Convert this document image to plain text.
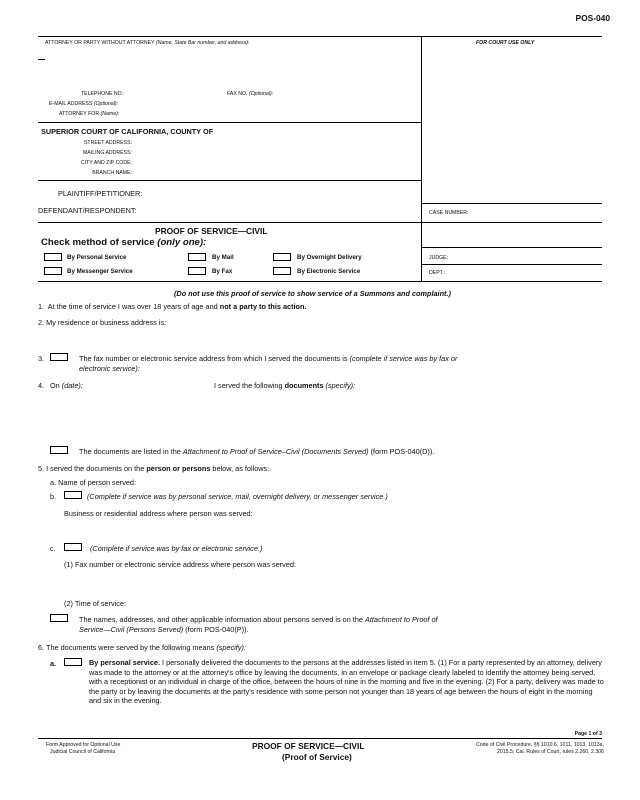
POS-040
ATTORNEY OR PARTY WITHOUT ATTORNEY (Name, State Bar number, and address):	FOR COURT USE ONLY
TELEPHONE NO.:	FAX NO. (Optional):
E-MAIL ADDRESS (Optional):
ATTORNEY FOR (Name):
SUPERIOR COURT OF CALIFORNIA, COUNTY OF
STREET ADDRESS:
MAILING ADDRESS:
CITY AND ZIP CODE:
BRANCH NAME:
PLAINTIFF/PETITIONER:
DEFENDANT/RESPONDENT:	CASE NUMBER:
JUDGE:
DEPT.:
PROOF OF SERVICE—CIVIL
Check method of service (only one):
By Personal Service	By Mail	By Overnight Delivery
By Messenger Service	By Fax	By Electronic Service
(Do not use this proof of service to show service of a Summons and complaint.)
1. At the time of service I was over 18 years of age and not a party to this action.
2. My residence or business address is:
3.	The fax number or electronic service address from which I served the documents is (complete if service was by fax or
electronic service):
4. On (date):	I served the following documents (specify):
The documents are listed in the Attachment to Proof of Service–Civil (Documents Served) (form POS-040(D)).
5. I served the documents on the person or persons below, as follows:
a. Name of person served:
b.	(Complete if service was by personal service, mail, overnight delivery, or messenger service.)
Business or residential address where person was served:
c.	(Complete if service was by fax or electronic service.)
(1) Fax number or electronic service address where person was served:
(2) Time of service:
The names, addresses, and other applicable information about persons served is on the Attachment to Proof of
Service—Civil (Persons Served) (form POS-040(P)).
6. The documents were served by the following means (specify):
a.	By personal service. I personally delivered the documents to the persons at the addresses listed in item 5. (1) For a party represented by an attorney, delivery was made to the attorney or at the attorney's office by leaving the documents, in an envelope or package clearly labeled to identify the attorney being served, with a receptionist or an individual in charge of the office, between the hours of nine in the morning and five in the evening. (2) For a party, delivery was made to the party or by leaving the documents at the party's residence with some person not younger than 18 years of age between the hours of eight in the morning and six in the evening.
Page 1 of 3
Form Approved for Optional Use
Judicial Council of California
PROOF OF SERVICE—CIVIL
(Proof of Service)
Code of Civil Procedure, §§ 1010.6, 1011, 1013, 1013a,
2015.5; Cal. Rules of Court, rules 2.260, 2.306
